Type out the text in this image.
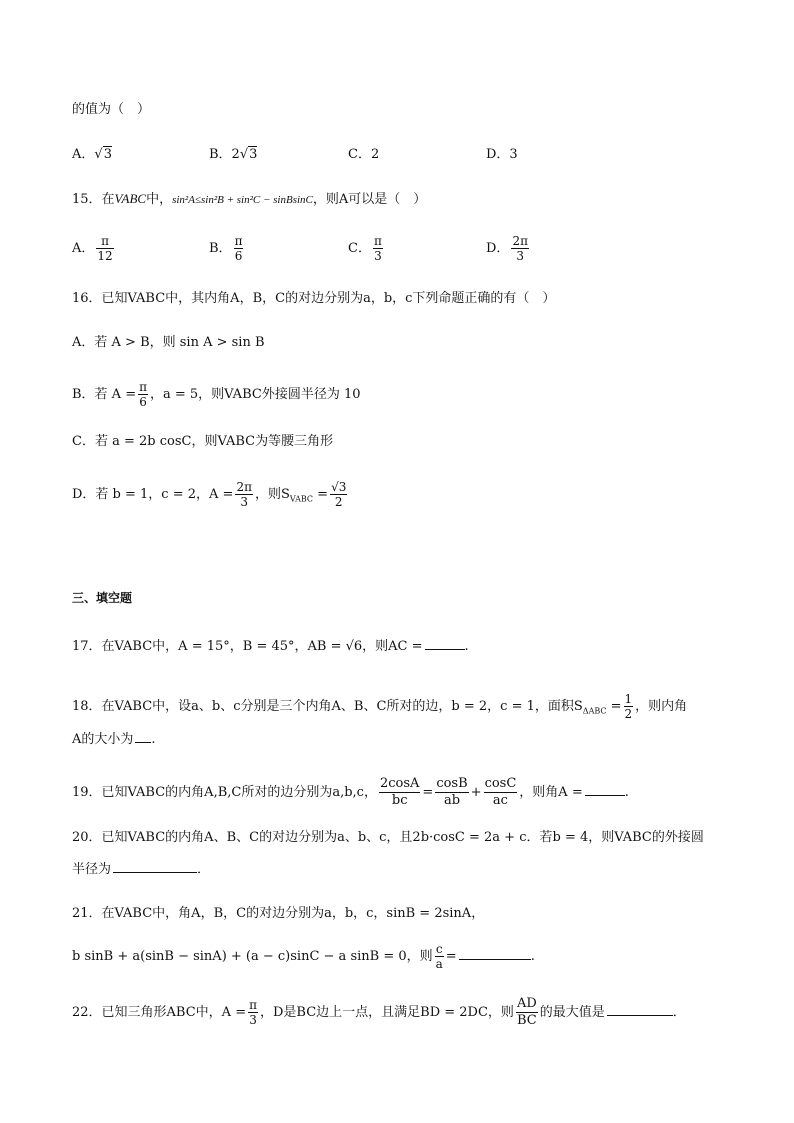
的值为（　）
A．√3	B．2√3	C．2	D．3
15．在VABC中，sin²A≤sin²B + sin²C − sinBsinC，则A可以是（　）
A． $\frac{\pi}{12}$	B． $\frac{\pi}{6}$	C． $\frac{\pi}{3}$	D． $\frac{2\pi}{3}$
16．已知VABC中，其内角A，B，C的对边分别为a，b，c下列命题正确的有（　）
A．若 A > B，则 sin A > sin B
B．若 $A = \frac{\pi}{6}$ ，a = 5，则VABC外接圆半径为 10
C．若 a = 2b cosC，则VABC为等腰三角形
D．若 b = 1，c = 2，$A = \frac{2\pi}{3}$ ，则$S_{VABC} = \frac{√3}{2}$
三、填空题
17．在VABC中，A = 15°，B = 45°，AB = √6，则AC =	.
18．在VABC中，设a、b、c分别是三个内角A、B、C所对的边，b = 2，c = 1，面积$S_{\Delta ABC} = \frac{1}{2}$ ，则内角
A的大小为 .
19．已知VABC的内角A,B,C所对的边分别为a,b,c， $\frac{2\cos A}{bc} = \frac{\cos B}{ab} + \frac{\cos C}{ac}$ ，则角A =	.
20．已知VABC的内角A、B、C的对边分别为a、b、c，且2b·cosC = 2a + c．若b = 4，则VABC的外接圆
半径为	．
21．在VABC中，角A，B，C的对边分别为a，b，c，sinB = 2sinA，
b sinB + a(sinB − sinA) + (a − c)sinC − a sinB = 0，则 $\frac{c}{a}$ =	.
22．已知三角形ABC中，$A = \frac{\pi}{3}$ ，D是BC边上一点，且满足BD = 2DC，则 $\frac{AD}{BC}$ 的最大值是	．
